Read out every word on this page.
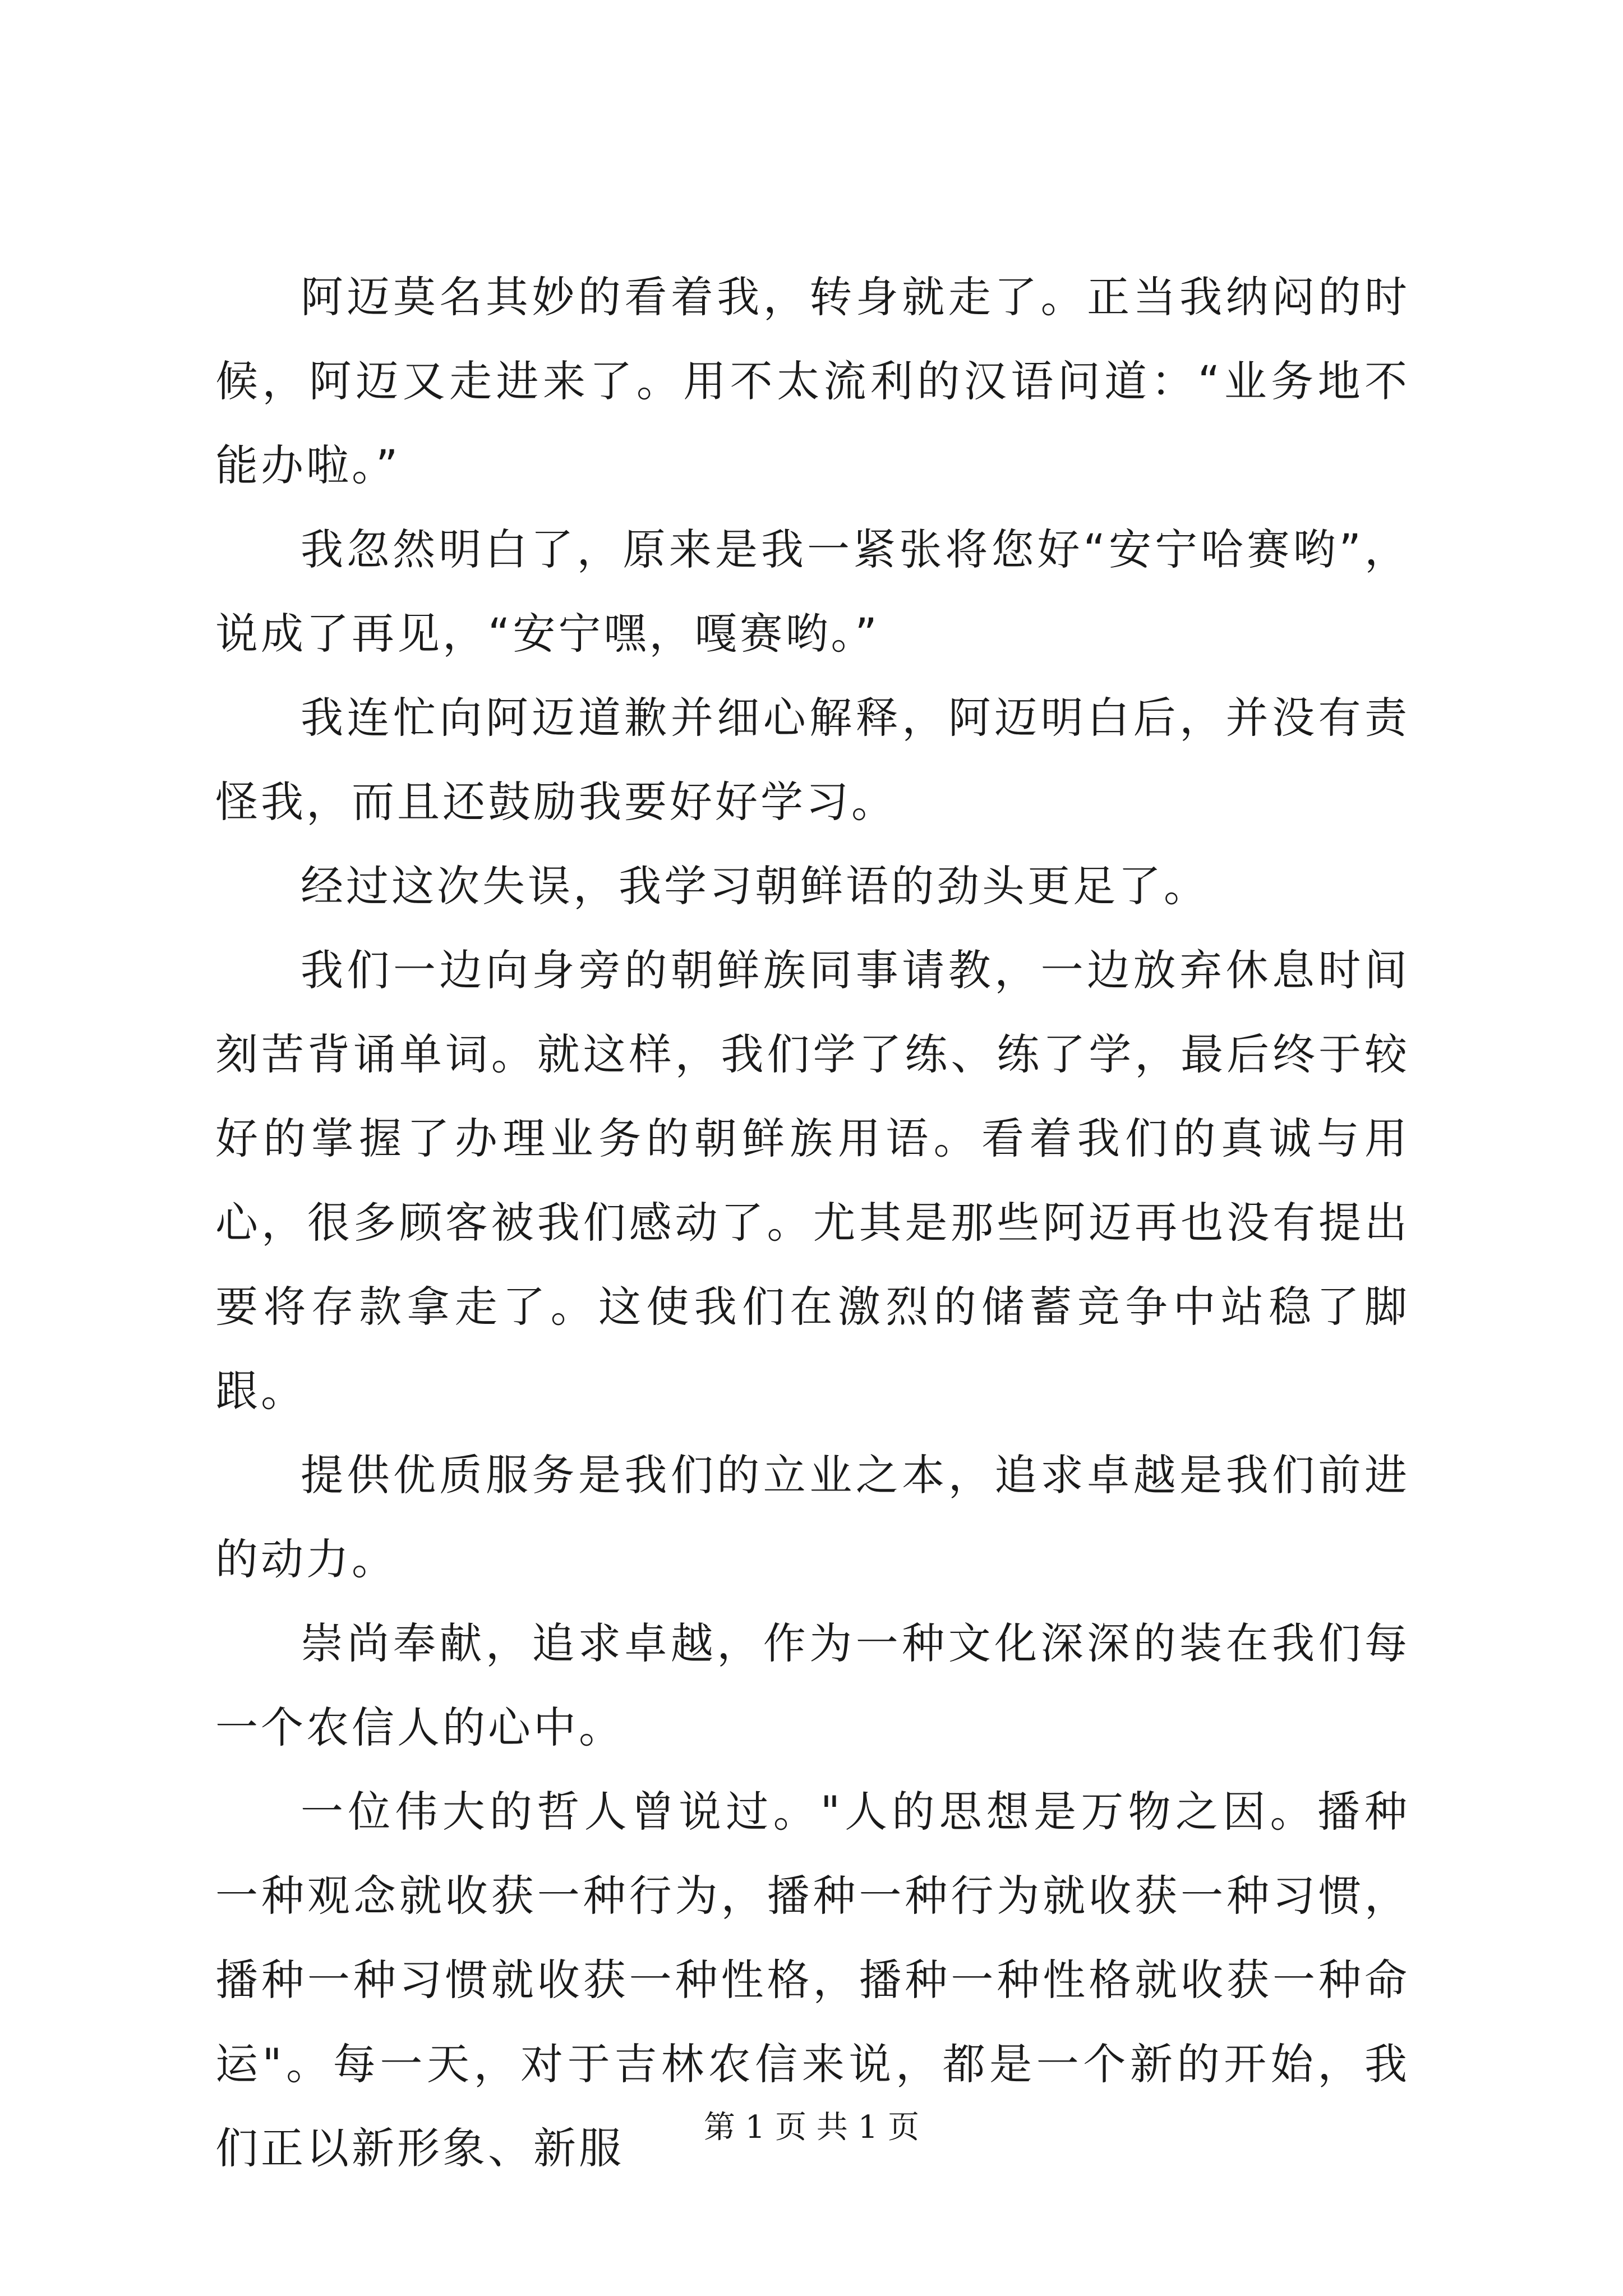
阿迈莫名其妙的看着我，转身就走了。正当我纳闷的时候，阿迈又走进来了。用不太流利的汉语问道：“业务地不能办啦。”

我忽然明白了，原来是我一紧张将您好“安宁哈赛哟”，说成了再见，“安宁嘿，嘎赛哟。”

我连忙向阿迈道歉并细心解释，阿迈明白后，并没有责怪我，而且还鼓励我要好好学习。

经过这次失误，我学习朝鲜语的劲头更足了。

我们一边向身旁的朝鲜族同事请教，一边放弃休息时间刻苦背诵单词。就这样，我们学了练、练了学，最后终于较好的掌握了办理业务的朝鲜族用语。看着我们的真诚与用心，很多顾客被我们感动了。尤其是那些阿迈再也没有提出要将存款拿走了。这使我们在激烈的储蓄竞争中站稳了脚跟。

提供优质服务是我们的立业之本，追求卓越是我们前进的动力。

崇尚奉献，追求卓越，作为一种文化深深的装在我们每一个农信人的心中。

一位伟大的哲人曾说过。"人的思想是万物之因。播种一种观念就收获一种行为，播种一种行为就收获一种习惯，播种一种习惯就收获一种性格，播种一种性格就收获一种命运"。每一天，对于吉林农信来说，都是一个新的开始，我们正以新形象、新服	第 1 页 共 1 页
